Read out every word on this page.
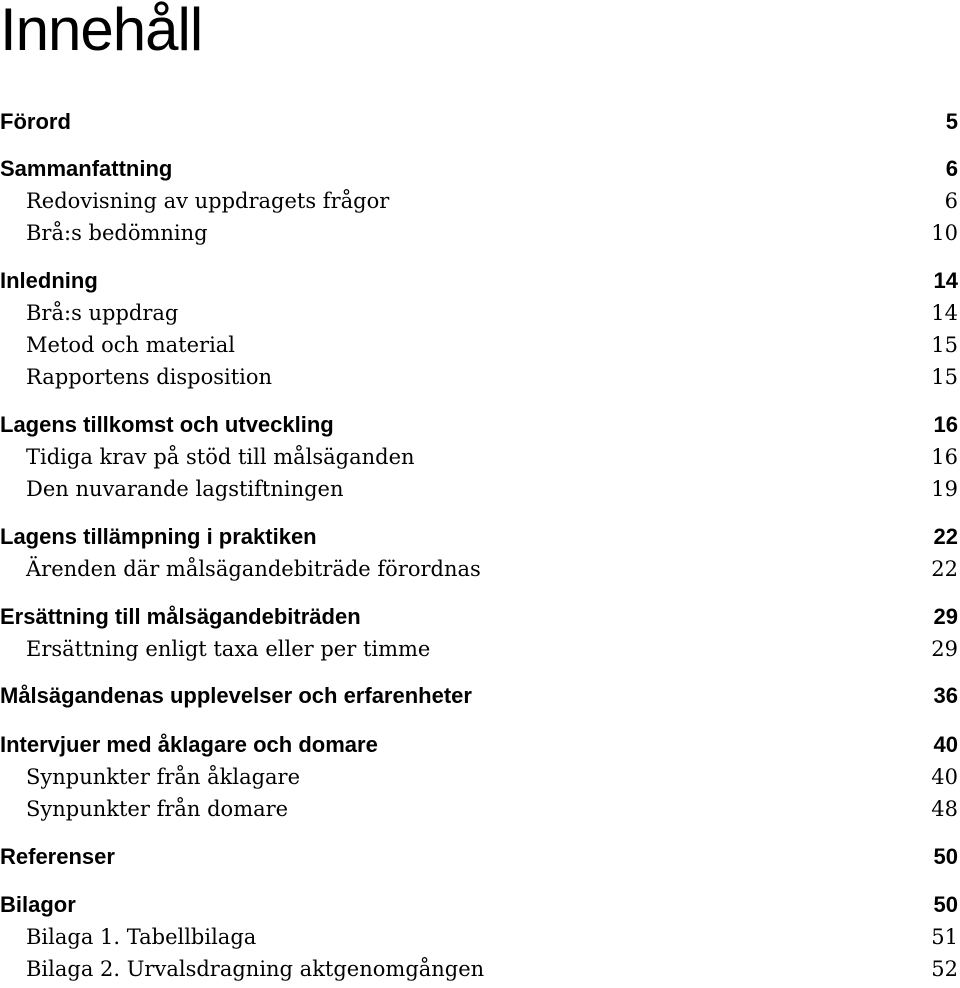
Innehåll
Förord	5
Sammanfattning	6
Redovisning av uppdragets frågor	6
Brå:s bedömning	10
Inledning	14
Brå:s uppdrag	14
Metod och material	15
Rapportens disposition	15
Lagens tillkomst och utveckling	16
Tidiga krav på stöd till målsäganden	16
Den nuvarande lagstiftningen	19
Lagens tillämpning i praktiken	22
Ärenden där målsägandebiträde förordnas	22
Ersättning till målsägandebiträden	29
Ersättning enligt taxa eller per timme	29
Målsägandenas upplevelser och erfarenheter	36
Intervjuer med åklagare och domare	40
Synpunkter från åklagare	40
Synpunkter från domare	48
Referenser	50
Bilagor	50
Bilaga 1. Tabellbilaga	51
Bilaga 2. Urvalsdragning aktgenomgången	52
